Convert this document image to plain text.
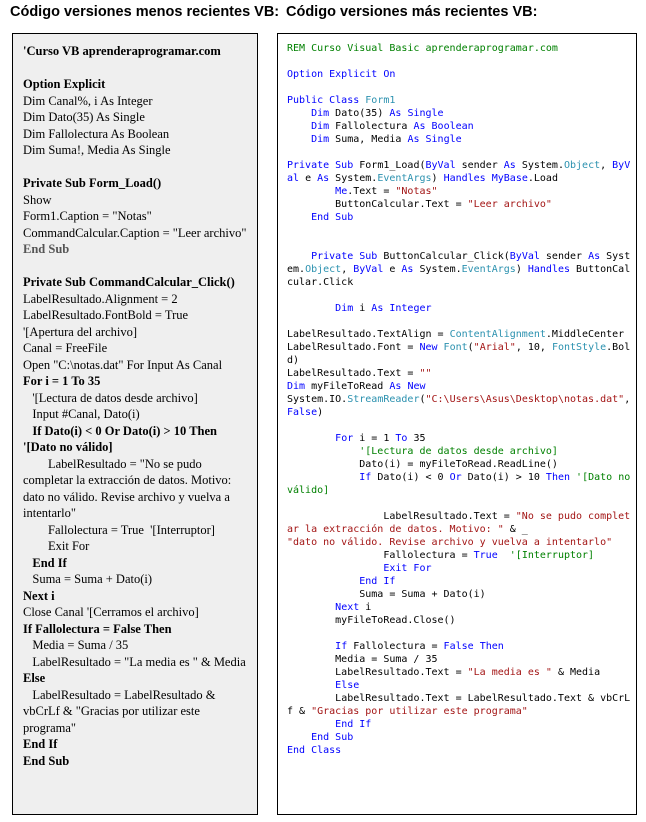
Código versiones menos recientes VB: Código versiones más recientes VB:
'Curso VB aprenderaprogramar.com
Option Explicit
Dim Canal%, i As Integer
Dim Dato(35) As Single
Dim Fallolectura As Boolean
Dim Suma!, Media As Single
Private Sub Form_Load()
Show
Form1.Caption = "Notas"
CommandCalcular.Caption = "Leer archivo"
End Sub
Private Sub CommandCalcular_Click()
LabelResultado.Alignment = 2
LabelResultado.FontBold = True
'[Apertura del archivo]
Canal = FreeFile
Open "C:\notas.dat" For Input As Canal
For i = 1 To 35
'[Lectura de datos desde archivo]
Input #Canal, Dato(i)
If Dato(i) < 0 Or Dato(i) > 10 Then
'[Dato no válido]
LabelResultado = "No se pudo completar la extracción de datos. Motivo: dato no válido. Revise archivo y vuelva a intentarlo"
Fallolectura = True  '[Interruptor]
Exit For
End If
Suma = Suma + Dato(i)
Next i
Close Canal '[Cerramos el archivo]
If Fallolectura = False Then
Media = Suma / 35
LabelResultado = "La media es " & Media
Else
LabelResultado = LabelResultado & vbCrLf & "Gracias por utilizar este programa"
End If
End Sub
REM Curso Visual Basic aprenderaprogramar.com
Option Explicit On
Public Class Form1
Dim Dato(35) As Single
Dim Fallolectura As Boolean
Dim Suma, Media As Single
Private Sub Form1_Load(ByVal sender As System.Object, ByVal e As System.EventArgs) Handles MyBase.Load
Me.Text = "Notas"
ButtonCalcular.Text = "Leer archivo"
End Sub
Private Sub ButtonCalcular_Click(ByVal sender As System.Object, ByVal e As System.EventArgs) Handles ButtonCalcular.Click
Dim i As Integer
LabelResultado.TextAlign = ContentAlignment.MiddleCenter
LabelResultado.Font = New Font("Arial", 10, FontStyle.Bold)
LabelResultado.Text = ""
Dim myFileToRead As New
System.IO.StreamReader("C:\Users\Asus\Desktop\notas.dat", False)
For i = 1 To 35
'[Lectura de datos desde archivo]
Dato(i) = myFileToRead.ReadLine()
If Dato(i) < 0 Or Dato(i) > 10 Then '[Dato no válido]
LabelResultado.Text = "No se pudo completar la extracción de datos. Motivo: " & _
"dato no válido. Revise archivo y vuelva a intentarlo"
Fallolectura = True '[Interruptor]
Exit For
End If
Suma = Suma + Dato(i)
Next i
myFileToRead.Close()
If Fallolectura = False Then
Media = Suma / 35
LabelResultado.Text = "La media es " & Media
Else
LabelResultado.Text = LabelResultado.Text & vbCrLf & "Gracias por utilizar este programa"
End If
End Sub
End Class
